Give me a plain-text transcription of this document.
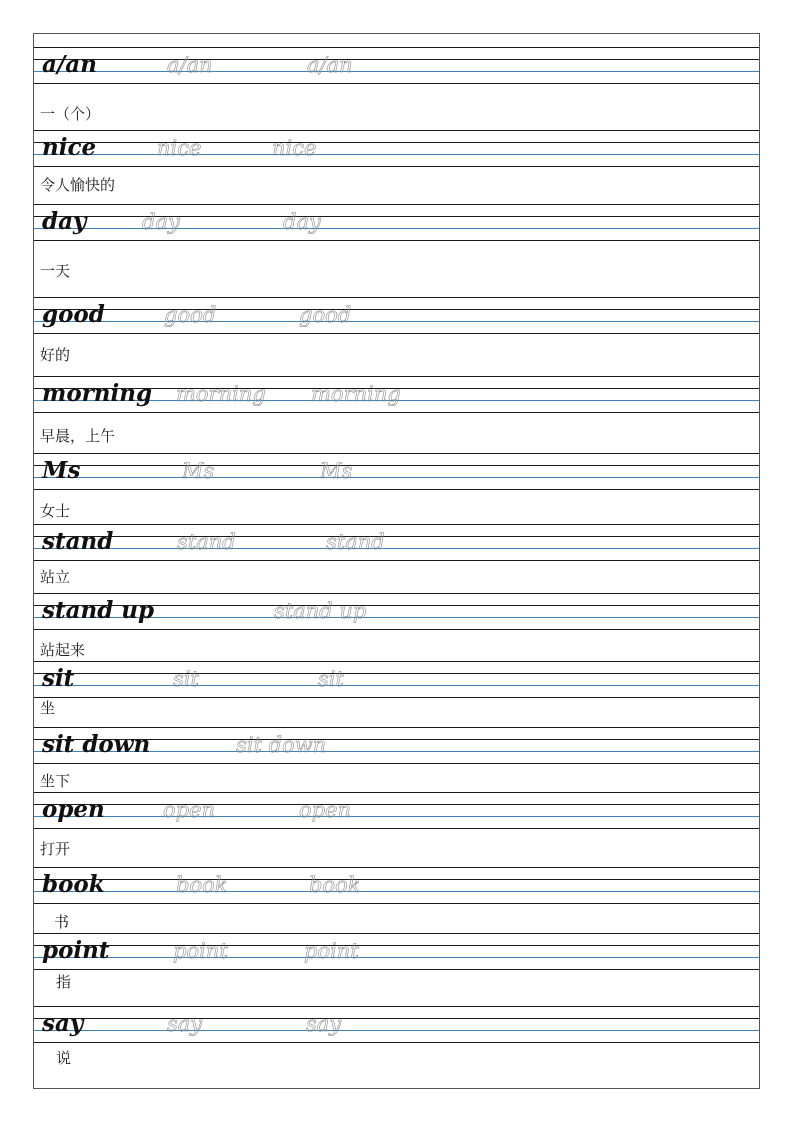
a/an	a/an	a/an
一（个）
nice	nice	nice
令人愉快的
day	day	day
一天
good	good	good
好的
morning morning morning
早晨，上午
Ms	Ms	Ms
女士
stand	stand	stand
站立
stand up	stand up
站起来
sit	sit	sit
坐
sit down	sit down
坐下
open	open	open
打开
book	book	book
书
point	point	point
指
say	say	say
说
